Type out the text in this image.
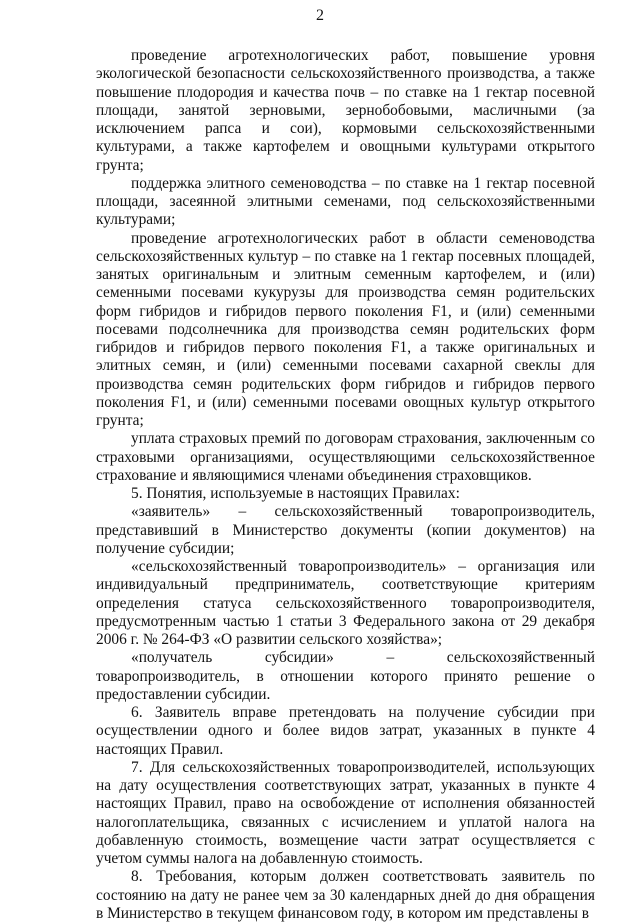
2

проведение агротехнологических работ, повышение уровня экологической безопасности сельскохозяйственного производства, а также повышение плодородия и качества почв – по ставке на 1 гектар посевной площади, занятой зерновыми, зернобобовыми, масличными (за исключением рапса и сои), кормовыми сельскохозяйственными культурами, а также картофелем и овощными культурами открытого грунта;

поддержка элитного семеноводства – по ставке на 1 гектар посевной площади, засеянной элитными семенами, под сельскохозяйственными культурами;

проведение агротехнологических работ в области семеноводства сельскохозяйственных культур – по ставке на 1 гектар посевных площадей, занятых оригинальным и элитным семенным картофелем, и (или) семенными посевами кукурузы для производства семян родительских форм гибридов и гибридов первого поколения F1, и (или) семенными посевами подсолнечника для производства семян родительских форм гибридов и гибридов первого поколения F1, а также оригинальных и элитных семян, и (или) семенными посевами сахарной свеклы для производства семян родительских форм гибридов и гибридов первого поколения F1, и (или) семенными посевами овощных культур открытого грунта;

уплата страховых премий по договорам страхования, заключенным со страховыми организациями, осуществляющими сельскохозяйственное страхование и являющимися членами объединения страховщиков.

5. Понятия, используемые в настоящих Правилах:

«заявитель» – сельскохозяйственный товаропроизводитель, представивший в Министерство документы (копии документов) на получение субсидии;

«сельскохозяйственный товаропроизводитель» – организация или индивидуальный предприниматель, соответствующие критериям определения статуса сельскохозяйственного товаропроизводителя, предусмотренным частью 1 статьи 3 Федерального закона от 29 декабря 2006 г. № 264-ФЗ «О развитии сельского хозяйства»;

«получатель субсидии» – сельскохозяйственный товаропроизводитель, в отношении которого принято решение о предоставлении субсидии.

6. Заявитель вправе претендовать на получение субсидии при осуществлении одного и более видов затрат, указанных в пункте 4 настоящих Правил.

7. Для сельскохозяйственных товаропроизводителей, использующих на дату осуществления соответствующих затрат, указанных в пункте 4 настоящих Правил, право на освобождение от исполнения обязанностей налогоплательщика, связанных с исчислением и уплатой налога на добавленную стоимость, возмещение части затрат осуществляется с учетом суммы налога на добавленную стоимость.

8. Требования, которым должен соответствовать заявитель по состоянию на дату не ранее чем за 30 календарных дней до дня обращения в Министерство в текущем финансовом году, в котором им представлены в
